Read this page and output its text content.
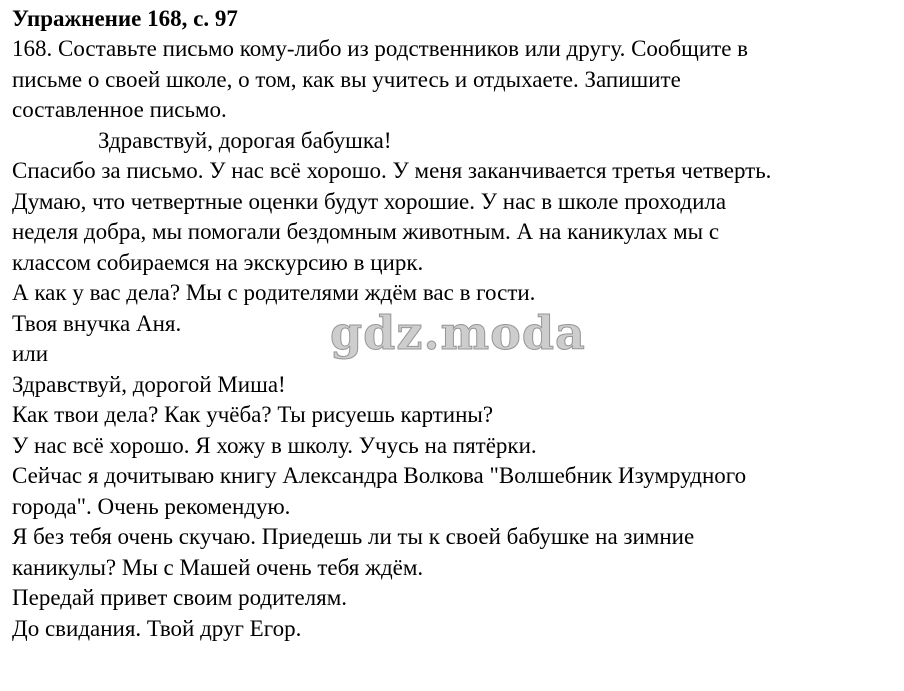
Упражнение 168, с. 97

168. Составьте письмо кому-либо из родственников или другу. Сообщите в

письме о своей школе, о том, как вы учитесь и отдыхаете. Запишите

составленное письмо.

Здравствуй, дорогая бабушка!

Спасибо за письмо. У нас всё хорошо. У меня заканчивается третья четверть.

Думаю, что четвертные оценки будут хорошие. У нас в школе проходила

неделя добра, мы помогали бездомным животным. А на каникулах мы с

классом собираемся на экскурсию в цирк.

А как у вас дела? Мы с родителями ждём вас в гости.

Твоя внучка Аня.

или

Здравствуй, дорогой Миша!

Как твои дела? Как учёба? Ты рисуешь картины?

У нас всё хорошо. Я хожу в школу. Учусь на пятёрки.

Сейчас я дочитываю книгу Александра Волкова "Волшебник Изумрудного

города". Очень рекомендую.

Я без тебя очень скучаю. Приедешь ли ты к своей бабушке на зимние

каникулы? Мы с Машей очень тебя ждём.

Передай привет своим родителям.

До свидания. Твой друг Егор.

gdz.moda
